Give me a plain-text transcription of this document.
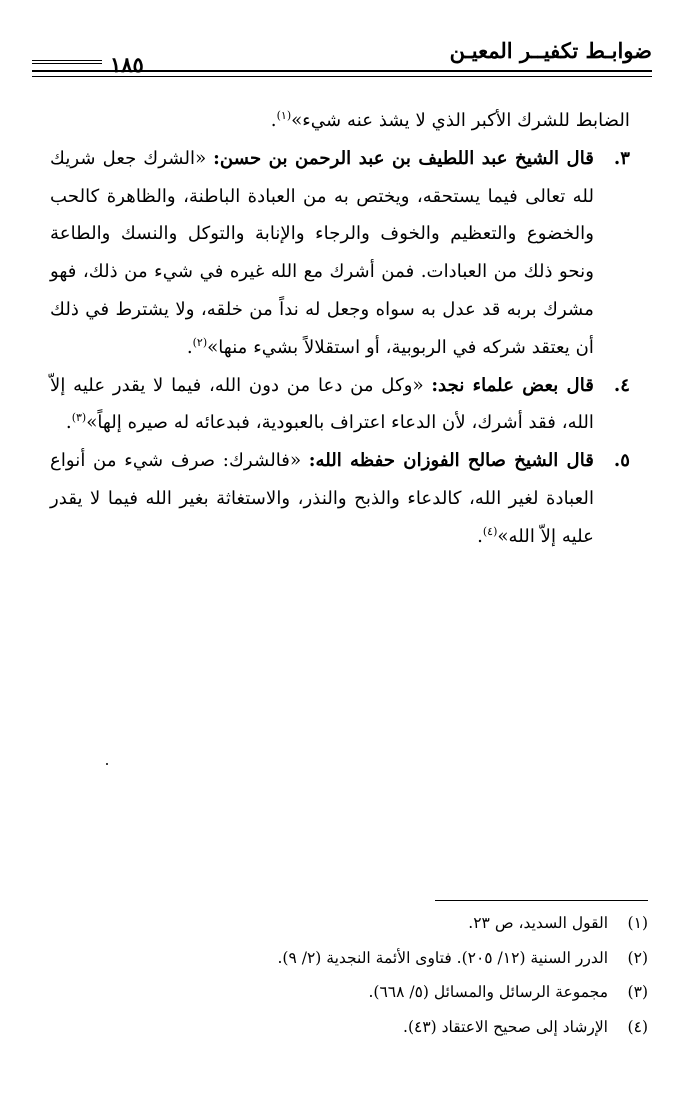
ضوابـط تكفيــر المعيـن
١٨٥

الضابط للشرك الأكبر الذي لا يشذ عنه شيء»$^{(١)}$.

٣.
قال الشيخ عبد اللطيف بن عبد الرحمن بن حسن: «الشرك جعل شريك لله تعالى فيما يستحقه، ويختص به من العبادة الباطنة، والظاهرة كالحب والخضوع والتعظيم والخوف والرجاء والإنابة والتوكل والنسك والطاعة ونحو ذلك من العبادات. فمن أشرك مع الله غيره في شيء من ذلك، فهو مشرك بربه قد عدل به سواه وجعل له نداً من خلقه، ولا يشترط في ذلك أن يعتقد شركه في الربوبية، أو استقلالاً بشيء منها»$^{(٢)}$.
٤.
قال بعض علماء نجد: «وكل من دعا من دون الله، فيما لا يقدر عليه إلاّ الله، فقد أشرك، لأن الدعاء اعتراف بالعبودية، فبدعائه له صيره إلهاً»$^{(٣)}$.
٥.
قال الشيخ صالح الفوزان حفظه الله: «فالشرك: صرف شيء من أنواع العبادة لغير الله، كالدعاء والذبح والنذر، والاستغاثة بغير الله فيما لا يقدر عليه إلاّ الله»$^{(٤)}$.
(١)
القول السديد، ص ٢٣.
(٢)
الدرر السنية (١٢/ ٢٠٥). فتاوى الأئمة النجدية (٢/ ٩).
(٣)
مجموعة الرسائل والمسائل (٥/ ٦٦٨).
(٤)
الإرشاد إلى صحيح الاعتقاد (٤٣).
